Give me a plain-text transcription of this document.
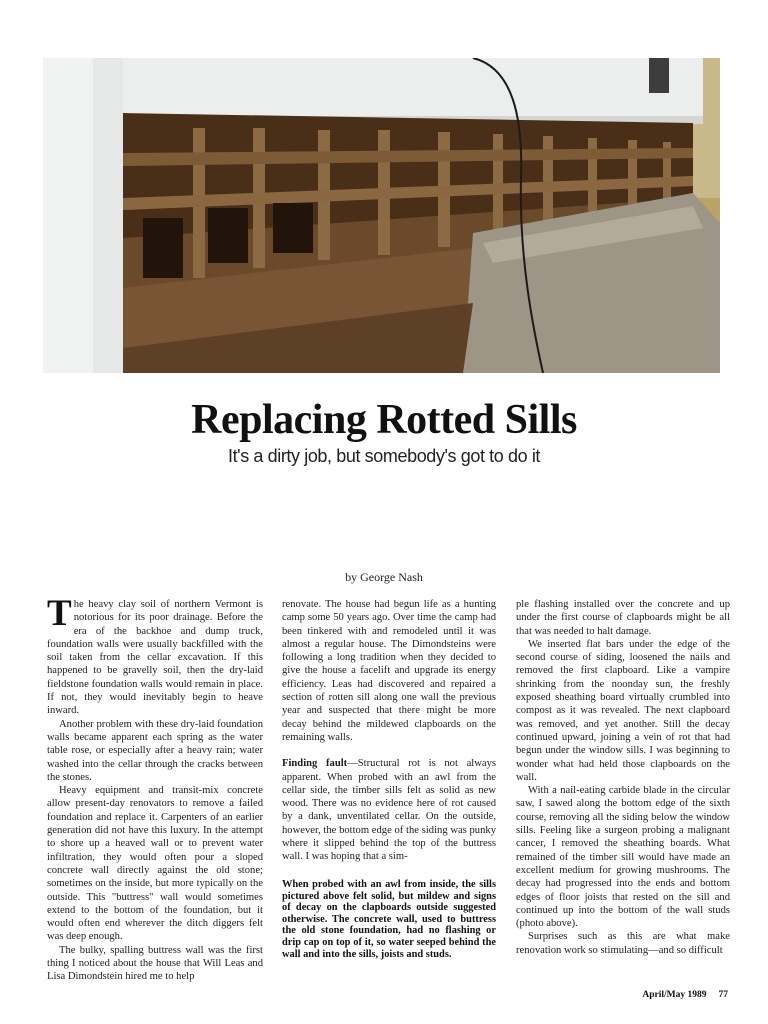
Replacing Rotted Sills
It's a dirty job, but somebody's got to do it
by George Nash

The heavy clay soil of northern Vermont is notorious for its poor drainage. Before the era of the backhoe and dump truck, foundation walls were usually backfilled with the soil taken from the cellar excavation. If this happened to be gravelly soil, then the dry-laid fieldstone foundation walls would remain in place. If not, they would inevitably begin to heave inward.

Another problem with these dry-laid foundation walls became apparent each spring as the water table rose, or especially after a heavy rain; water washed into the cellar through the cracks between the stones.

Heavy equipment and transit-mix concrete allow present-day renovators to remove a failed foundation and replace it. Carpenters of an earlier generation did not have this luxury. In the attempt to shore up a heaved wall or to prevent water infiltration, they would often pour a sloped concrete wall directly against the old stone; sometimes on the inside, but more typically on the outside. This "buttress" wall would sometimes extend to the bottom of the foundation, but it would often end wherever the ditch diggers felt was deep enough.

The bulky, spalling buttress wall was the first thing I noticed about the house that Will Leas and Lisa Dimondstein hired me to help

renovate. The house had begun life as a hunting camp some 50 years ago. Over time the camp had been tinkered with and remodeled until it was almost a regular house. The Dimondsteins were following a long tradition when they decided to give the house a facelift and upgrade its energy efficiency. Leas had discovered and repaired a section of rotten sill along one wall the previous year and suspected that there might be more decay behind the mildewed clapboards on the remaining walls.

Finding fault—Structural rot is not always apparent. When probed with an awl from the cellar side, the timber sills felt as solid as new wood. There was no evidence here of rot caused by a dank, unventilated cellar. On the outside, however, the bottom edge of the siding was punky where it slipped behind the top of the buttress wall. I was hoping that a sim-

When probed with an awl from inside, the sills pictured above felt solid, but mildew and signs of decay on the clapboards outside suggested otherwise. The concrete wall, used to buttress the old stone foundation, had no flashing or drip cap on top of it, so water seeped behind the wall and into the sills, joists and studs.

ple flashing installed over the concrete and up under the first course of clapboards might be all that was needed to halt damage.

We inserted flat bars under the edge of the second course of siding, loosened the nails and removed the first clapboard. Like a vampire shrinking from the noonday sun, the freshly exposed sheathing board virtually crumbled into compost as it was revealed. The next clapboard was removed, and yet another. Still the decay continued upward, joining a vein of rot that had begun under the window sills. I was beginning to wonder what had held those clapboards on the wall.

With a nail-eating carbide blade in the circular saw, I sawed along the bottom edge of the sixth course, removing all the siding below the window sills. Feeling like a surgeon probing a malignant cancer, I removed the sheathing boards. What remained of the timber sill would have made an excellent medium for growing mushrooms. The decay had progressed into the ends and bottom edges of floor joists that rested on the sill and continued up into the bottom of the wall studs (photo above).

Surprises such as this are what make renovation work so stimulating—and so difficult

April/May 1989 77
